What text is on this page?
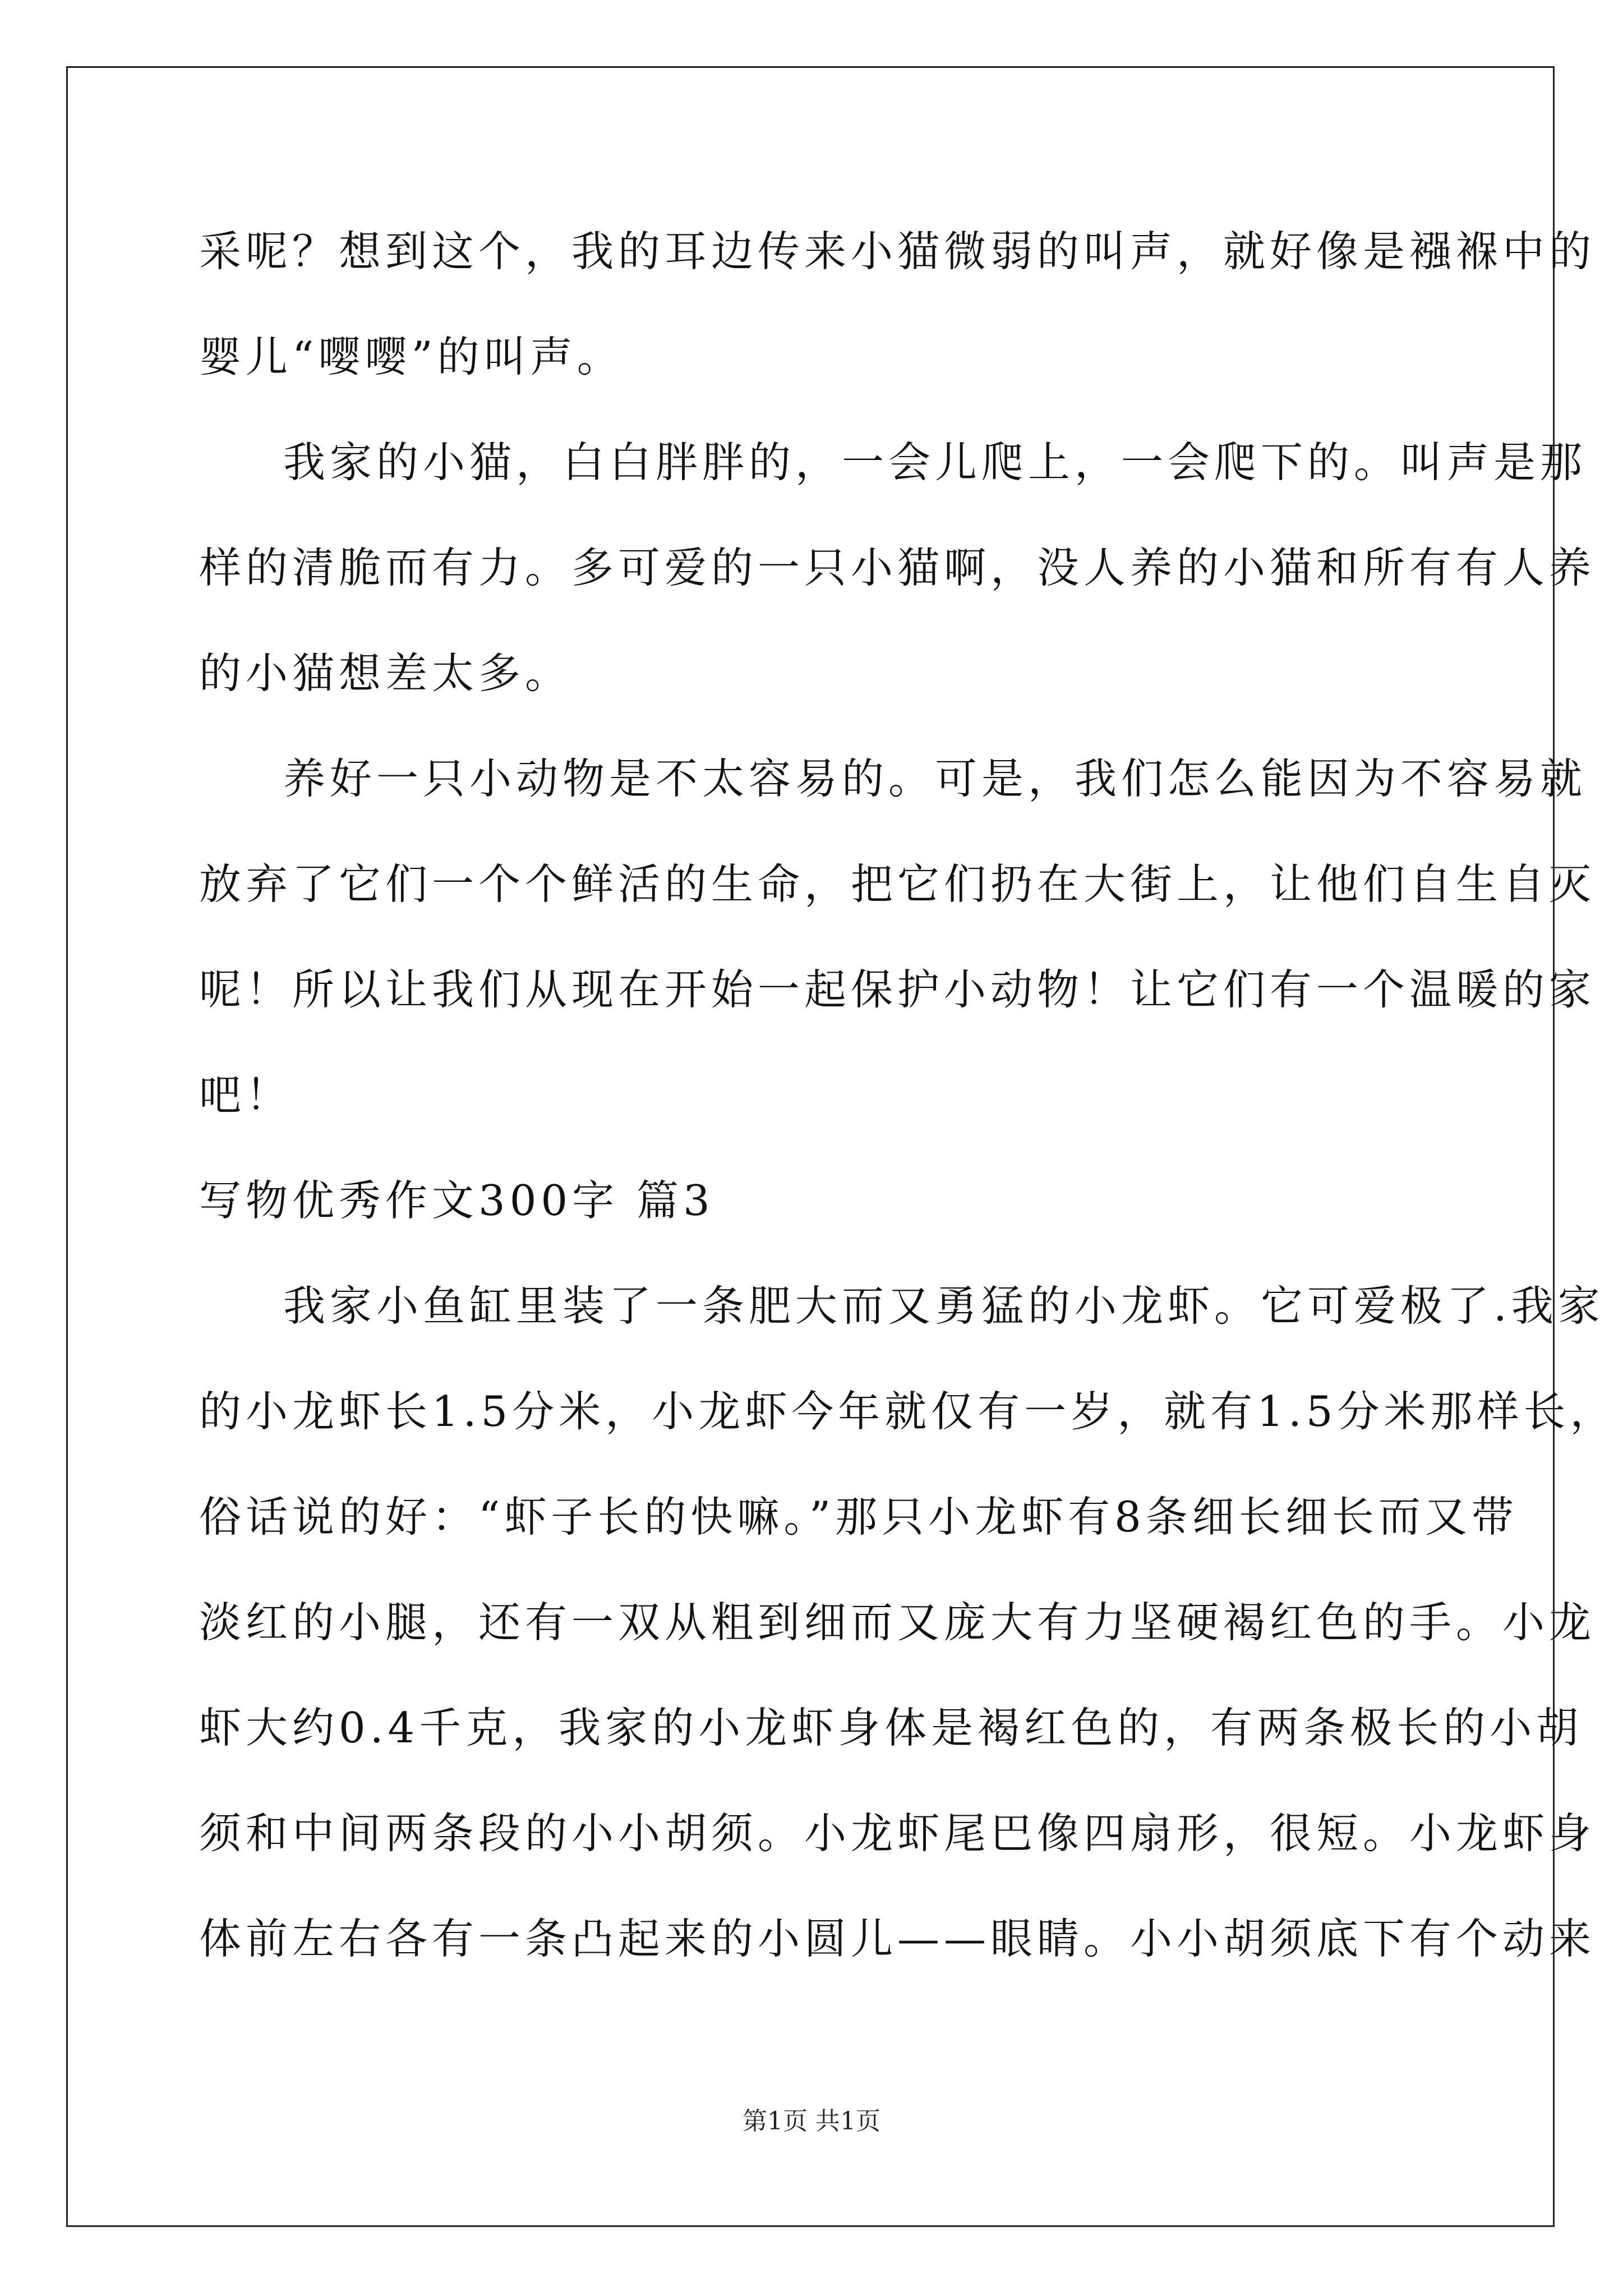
采呢？想到这个，我的耳边传来小猫微弱的叫声，就好像是襁褓中的
婴儿“嘤嘤”的叫声。
我家的小猫，白白胖胖的，一会儿爬上，一会爬下的。叫声是那
样的清脆而有力。多可爱的一只小猫啊，没人养的小猫和所有有人养
的小猫想差太多。
养好一只小动物是不太容易的。可是，我们怎么能因为不容易就
放弃了它们一个个鲜活的生命，把它们扔在大街上，让他们自生自灭
呢！所以让我们从现在开始一起保护小动物！让它们有一个温暖的家
吧！
写物优秀作文300字 篇3
我家小鱼缸里装了一条肥大而又勇猛的小龙虾。它可爱极了.我家
的小龙虾长1.5分米，小龙虾今年就仅有一岁，就有1.5分米那样长，
俗话说的好：“虾子长的快嘛。”那只小龙虾有8条细长细长而又带
淡红的小腿，还有一双从粗到细而又庞大有力坚硬褐红色的手。小龙
虾大约0.4千克，我家的小龙虾身体是褐红色的，有两条极长的小胡
须和中间两条段的小小胡须。小龙虾尾巴像四扇形，很短。小龙虾身
体前左右各有一条凸起来的小圆儿——眼睛。小小胡须底下有个动来
第1页 共1页
